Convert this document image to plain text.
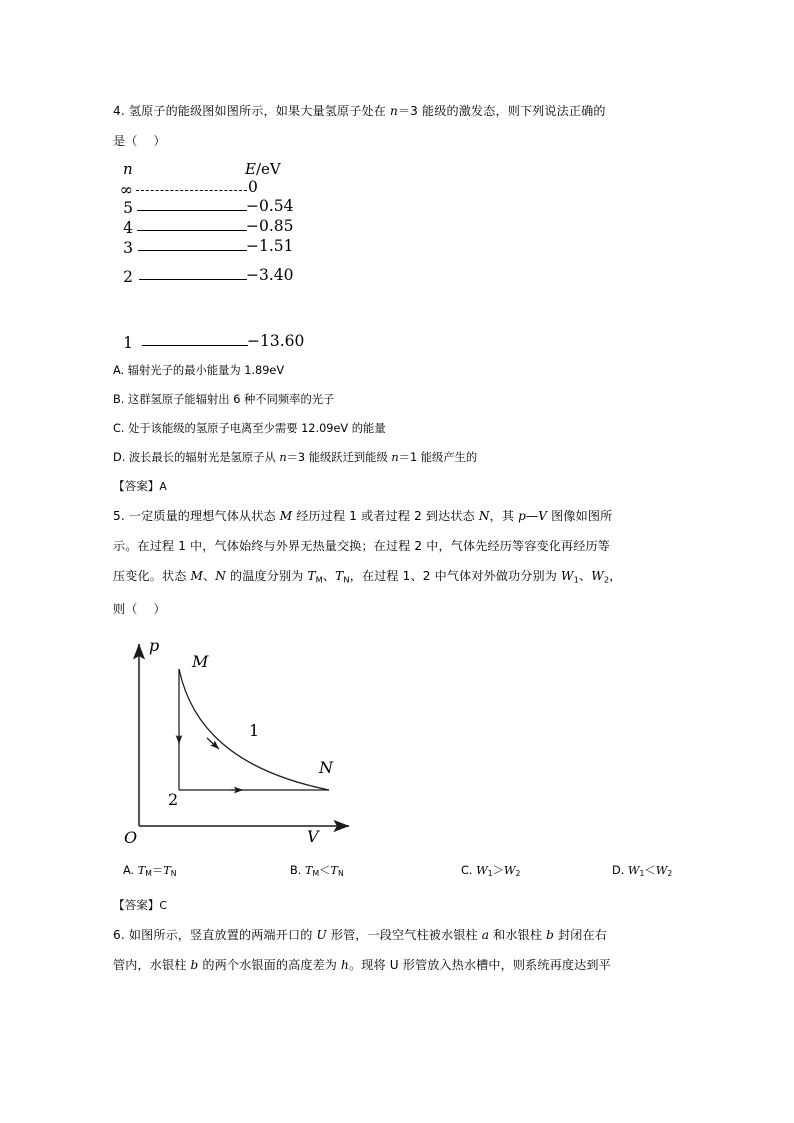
4. 氢原子的能级图如图所示，如果大量氢原子处在 n＝3 能级的激发态，则下列说法正确的
是（    ）
n	E/eV
∞	0
5	−0.54
4	−0.85
3	−1.51
2	−3.40
1	−13.60
A. 辐射光子的最小能量为 1.89eV
B. 这群氢原子能辐射出 6 种不同频率的光子
C. 处于该能级的氢原子电离至少需要 12.09eV 的能量
D. 波长最长的辐射光是氢原子从 n＝3 能级跃迁到能级 n＝1 能级产生的
【答案】A
5. 一定质量的理想气体从状态 M 经历过程 1 或者过程 2 到达状态 N，其 p—V 图像如图所
示。在过程 1 中，气体始终与外界无热量交换；在过程 2 中，气体先经历等容变化再经历等
压变化。状态 M、N 的温度分别为 $T_M$、$T_N$，在过程 1、2 中气体对外做功分别为 $W_1$、$W_2$，
则（    ）
p
V
O
M
N
1
2
A. $T_M=T_N$	B. $T_M<T_N$	C. $W_1>W_2$	D. $W_1<W_2$
【答案】C
6. 如图所示，竖直放置的两端开口的 U 形管，一段空气柱被水银柱 a 和水银柱 b 封闭在右
管内，水银柱 b 的两个水银面的高度差为 h。现将 U 形管放入热水槽中，则系统再度达到平
